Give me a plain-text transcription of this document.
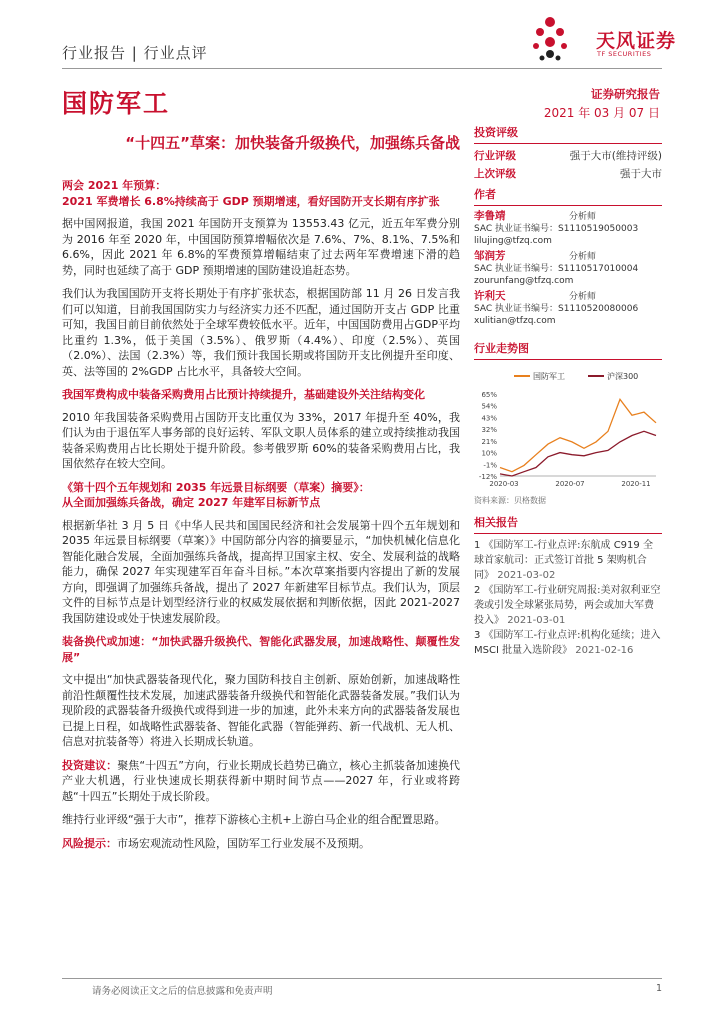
行业报告 | 行业点评
天风证券
TF SECURITIES
国防军工	证券研究报告
2021 年 03 月 07 日
“十四五”草案：加快装备升级换代，加强练兵备战

两会 2021 年预算：

2021 军费增长 6.8%持续高于 GDP 预期增速，看好国防开支长期有序扩张

据中国网报道，我国 2021 年国防开支预算为 13553.43 亿元，近五年军费分别为 2016 年至 2020 年，中国国防预算增幅依次是 7.6%、7%、8.1%、7.5%和 6.6%，因此 2021 年 6.8%的军费预算增幅结束了过去两年军费增速下滑的趋势，同时也延续了高于 GDP 预期增速的国防建设追赶态势。

我们认为我国国防开支将长期处于有序扩张状态，根据国防部 11 月 26 日发言我们可以知道，目前我国国防实力与经济实力还不匹配，通过国防开支占 GDP 比重可知，我国目前目前依然处于全球军费较低水平。近年，中国国防费用占GDP平均比重约 1.3%，低于美国（3.5%）、俄罗斯（4.4%）、印度（2.5%）、英国（2.0%）、法国（2.3%）等，我们预计我国长期或将国防开支比例提升至印度、英、法等国的 2%GDP 占比水平，具备较大空间。

我国军费构成中装备采购费用占比预计持续提升，基础建设外关注结构变化

2010 年我国装备采购费用占国防开支比重仅为 33%，2017 年提升至 40%，我们认为由于退伍军人事务部的良好运转、军队文职人员体系的建立或持续推动我国装备采购费用占比长期处于提升阶段。参考俄罗斯 60%的装备采购费用占比，我国依然存在较大空间。

《第十四个五年规划和 2035 年远景目标纲要（草案）摘要》：

从全面加强练兵备战，确定 2027 年建军目标新节点

根据新华社 3 月 5 日《中华人民共和国国民经济和社会发展第十四个五年规划和 2035 年远景目标纲要（草案）》中国防部分内容的摘要显示，“加快机械化信息化智能化融合发展，全面加强练兵备战，提高捍卫国家主权、安全、发展利益的战略能力，确保 2027 年实现建军百年奋斗目标。”本次草案指要内容提出了新的发展方向，即强调了加强练兵备战，提出了 2027 年新建军目标节点。我们认为，顶层文件的目标节点是计划型经济行业的权威发展依据和判断依据，因此 2021-2027 我国防建设或处于快速发展阶段。

装备换代或加速：“加快武器升级换代、智能化武器发展，加速战略性、颠覆性发展”

文中提出“加快武器装备现代化，聚力国防科技自主创新、原始创新，加速战略性前沿性颠覆性技术发展，加速武器装备升级换代和智能化武器装备发展。”我们认为现阶段的武器装备升级换代或得到进一步的加速，此外未来方向的武器装备发展也已提上日程，如战略性武器装备、智能化武器（智能弹药、新一代战机、无人机、信息对抗装备等）将进入长期成长轨道。

投资建议：聚焦“十四五”方向，行业长期成长趋势已确立，核心主抓装备加速换代产业大机遇，行业快速成长期获得新中期时间节点——2027 年，行业或将跨越“十四五”长期处于成长阶段。

维持行业评级“强于大市”，推荐下游核心主机+上游白马企业的组合配置思路。

风险提示：市场宏观流动性风险，国防军工行业发展不及预期。

投资评级
行业评级	强于大市(维持评级)
上次评级	强于大市
作者
李鲁靖	分析师
SAC 执业证书编号：S1110519050003
lilujing@tfzq.com
邹润芳	分析师
SAC 执业证书编号：S1110517010004
zourunfang@tfzq.com
许利天	分析师
SAC 执业证书编号：S1110520080006
xulitian@tfzq.com
行业走势图
国防军工	沪深300
65%
54%
43%
32%
21%
10%
-1%
-12%
2020-03	2020-07	2020-11
资料来源：贝格数据
相关报告
1 《国防军工-行业点评:东航成 C919 全球首家航司：正式签订首批 5 架购机合同》 2021-03-02
2 《国防军工-行业研究周报:美对叙利亚空袭或引发全球紧张局势，两会或加大军费投入》 2021-03-01
3 《国防军工-行业点评:机构化延续；进入 MSCI 批量入选阶段》 2021-02-16
请务必阅读正文之后的信息披露和免责声明	1
